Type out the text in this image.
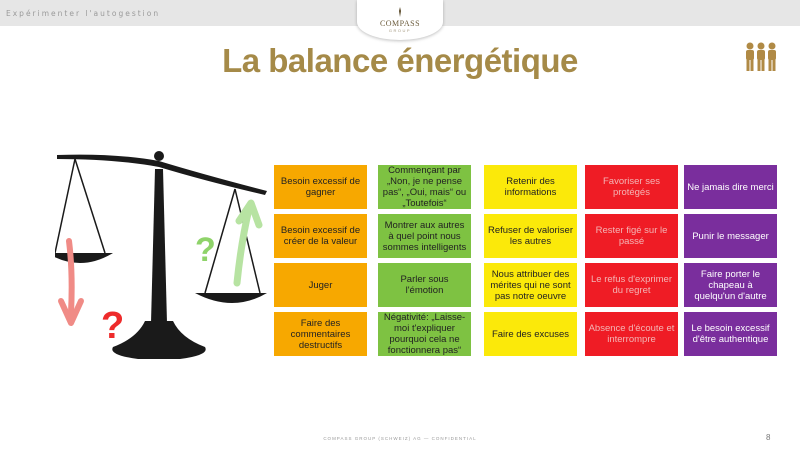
Expérimenter l'autogestion
COMPASS
GROUP
La balance énergétique
?
?
Besoin excessif de gagner
Besoin excessif de créer de la valeur
Juger
Faire des commentaires destructifs
Commençant par „Non, je ne pense pas“, „Oui, mais“ ou „Toutefois“
Montrer aux autres à quel point nous sommes intelligents
Parler sous l'émotion
Négativité: „Laisse-moi t'expliquer pourquoi cela ne fonctionnera pas“
Retenir des informations
Refuser de valoriser les autres
Nous attribuer des mérites qui ne sont pas notre oeuvre
Faire des excuses
Favoriser ses protégés
Rester figé sur le passé
Le refus d'exprimer du regret
Absence d'écoute et interrompre
Ne jamais dire merci
Punir le messager
Faire porter le chapeau à quelqu'un d'autre
Le besoin excessif d'être authentique
COMPASS GROUP (SCHWEIZ) AG — CONFIDENTIAL	8
